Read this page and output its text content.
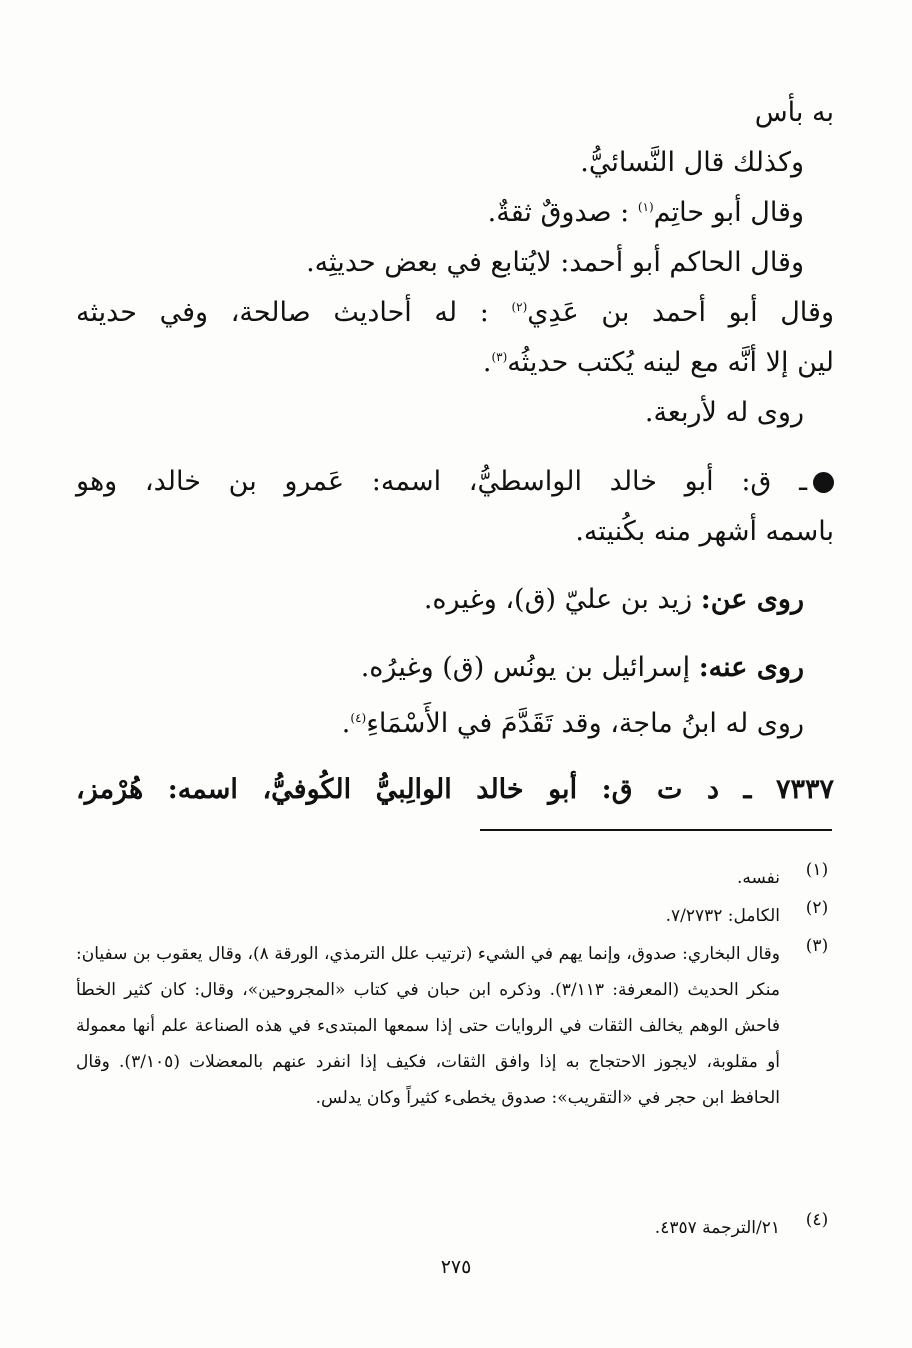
به بأس
وكذلك قال النَّسائيُّ.
وقال أبو حاتِم$^{(١)}$ : صدوقٌ ثقةٌ.
وقال الحاكم أبو أحمد: لايُتابع في بعض حديثِه.
وقال أبو أحمد بن عَدِي$^{(٢)}$ : له أحاديث صالحة، وفي حديثه
لين إلا أنَّه مع لينه يُكتب حديثُه$^{(٣)}$.
روى له لأربعة.
ـ ق: أبو خالد الواسطيُّ، اسمه: عَمرو بن خالد، وهو
باسمه أشهر منه بكُنيته.
روى عن: زيد بن عليّ (ق)، وغيره.
روى عنه: إسرائيل بن يونُس (ق) وغيرُه.
روى له ابنُ ماجة، وقد تَقَدَّمَ في الأَسْمَاءِ$^{(٤)}$.
٧٣٣٧ ـ د ت ق: أبو خالد الوالِبيُّ الكُوفيُّ، اسمه: هُرْمز،
(١)
نفسه.
(٢)
الكامل: ٧/٢٧٣٢.
(٣)
وقال البخاري: صدوق، وإنما يهم في الشيء (ترتيب علل الترمذي، الورقة ٨)، وقال يعقوب بن سفيان: منكر الحديث (المعرفة: ٣/١١٣). وذكره ابن حبان في كتاب «المجروحين»، وقال: كان كثير الخطأ فاحش الوهم يخالف الثقات في الروايات حتى إذا سمعها المبتدىء في هذه الصناعة علم أنها معمولة أو مقلوبة، لايجوز الاحتجاج به إذا وافق الثقات، فكيف إذا انفرد عنهم بالمعضلات (٣/١٠٥). وقال الحافظ ابن حجر في «التقريب»: صدوق يخطىء كثيراً وكان يدلس.
(٤)
٢١/الترجمة ٤٣٥٧.
٢٧٥
